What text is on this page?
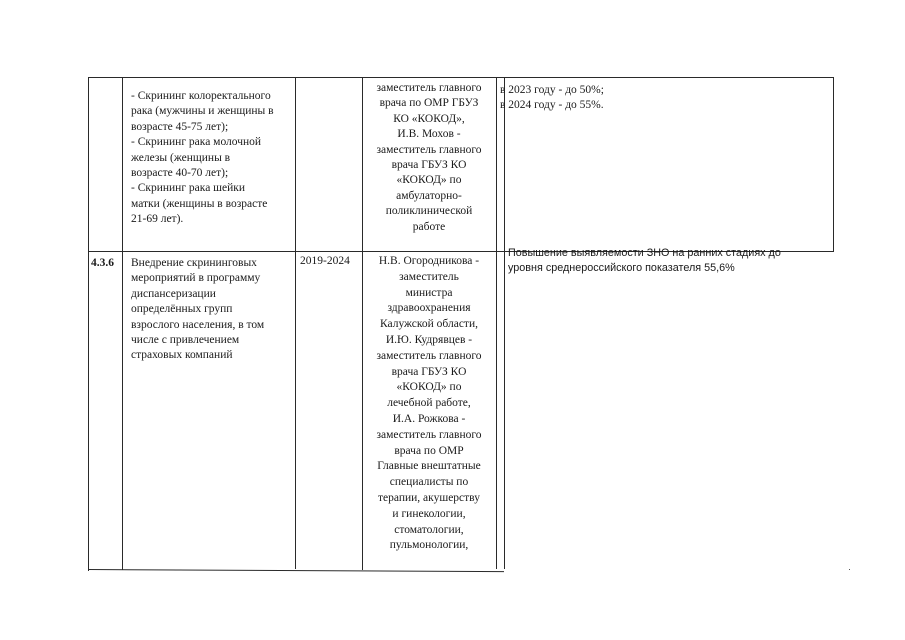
- Скрининг колоректального
рака (мужчины и женщины в
возрасте 45-75 лет);
- Скрининг рака молочной
железы (женщины в
возрасте 40-70 лет);
- Скрининг рака шейки
матки (женщины в возрасте
21-69 лет).
заместитель главного
врача по ОМР ГБУЗ
КО «КОКОД»,
И.В. Мохов -
заместитель главного
врача ГБУЗ КО
«КОКОД» по
амбулаторно-
поликлинической
работе
в 2023 году - до 50%;
в 2024 году - до 55%.
4.3.6 Внедрение скрининговых
мероприятий в программу
диспансеризации
определённых групп
взрослого населения, в том
числе с привлечением
страховых компаний
2019-2024	Н.В. Огородникова -
заместитель
министра
здравоохранения
Калужской области,
И.Ю. Кудрявцев -
заместитель главного
врача ГБУЗ КО
«КОКОД» по
лечебной работе,
И.А. Рожкова -
заместитель главного
врача по ОМР
Главные внештатные
специалисты по
терапии, акушерству
и гинекологии,
стоматологии,
пульмонологии,
Повышение выявляемости ЗНО на ранних стадиях до
уровня среднероссийского показателя 55,6%
